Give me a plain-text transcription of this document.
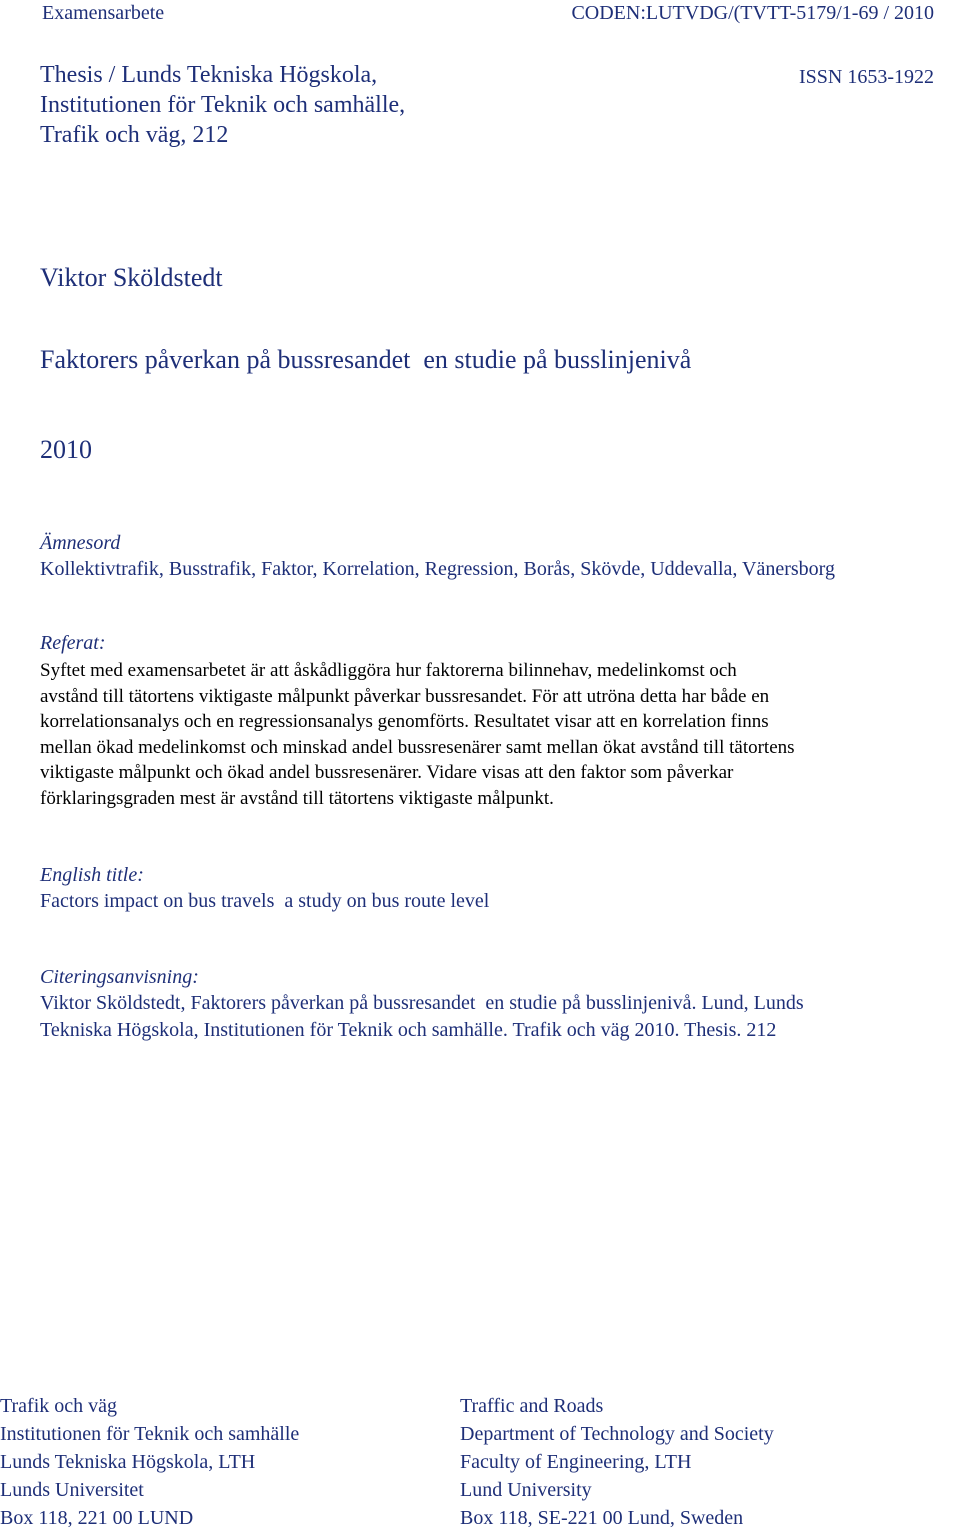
Examensarbete	CODEN:LUTVDG/(TVTT-5179/1-69 / 2010
Thesis / Lunds Tekniska Högskola,
Institutionen för Teknik och samhälle,
Trafik och väg, 212
ISSN 1653-1922
Viktor Sköldstedt
Faktorers påverkan på bussresandet  en studie på busslinjenivå
2010
Ämnesord
Kollektivtrafik, Busstrafik, Faktor, Korrelation, Regression, Borås, Skövde, Uddevalla, Vänersborg
Referat:
Syftet med examensarbetet är att åskådliggöra hur faktorerna bilinnehav, medelinkomst och
avstånd till tätortens viktigaste målpunkt påverkar bussresandet. För att utröna detta har både en
korrelationsanalys och en regressionsanalys genomförts. Resultatet visar att en korrelation finns
mellan ökad medelinkomst och minskad andel bussresenärer samt mellan ökat avstånd till tätortens
viktigaste målpunkt och ökad andel bussresenärer. Vidare visas att den faktor som påverkar
förklaringsgraden mest är avstånd till tätortens viktigaste målpunkt.
English title:
Factors impact on bus travels  a study on bus route level
Citeringsanvisning:
Viktor Sköldstedt, Faktorers påverkan på bussresandet  en studie på busslinjenivå. Lund, Lunds
Tekniska Högskola, Institutionen för Teknik och samhälle. Trafik och väg 2010. Thesis. 212
Trafik och väg
Institutionen för Teknik och samhälle
Lunds Tekniska Högskola, LTH
Lunds Universitet
Box 118, 221 00 LUND
Traffic and Roads
Department of Technology and Society
Faculty of Engineering, LTH
Lund University
Box 118, SE-221 00 Lund, Sweden
